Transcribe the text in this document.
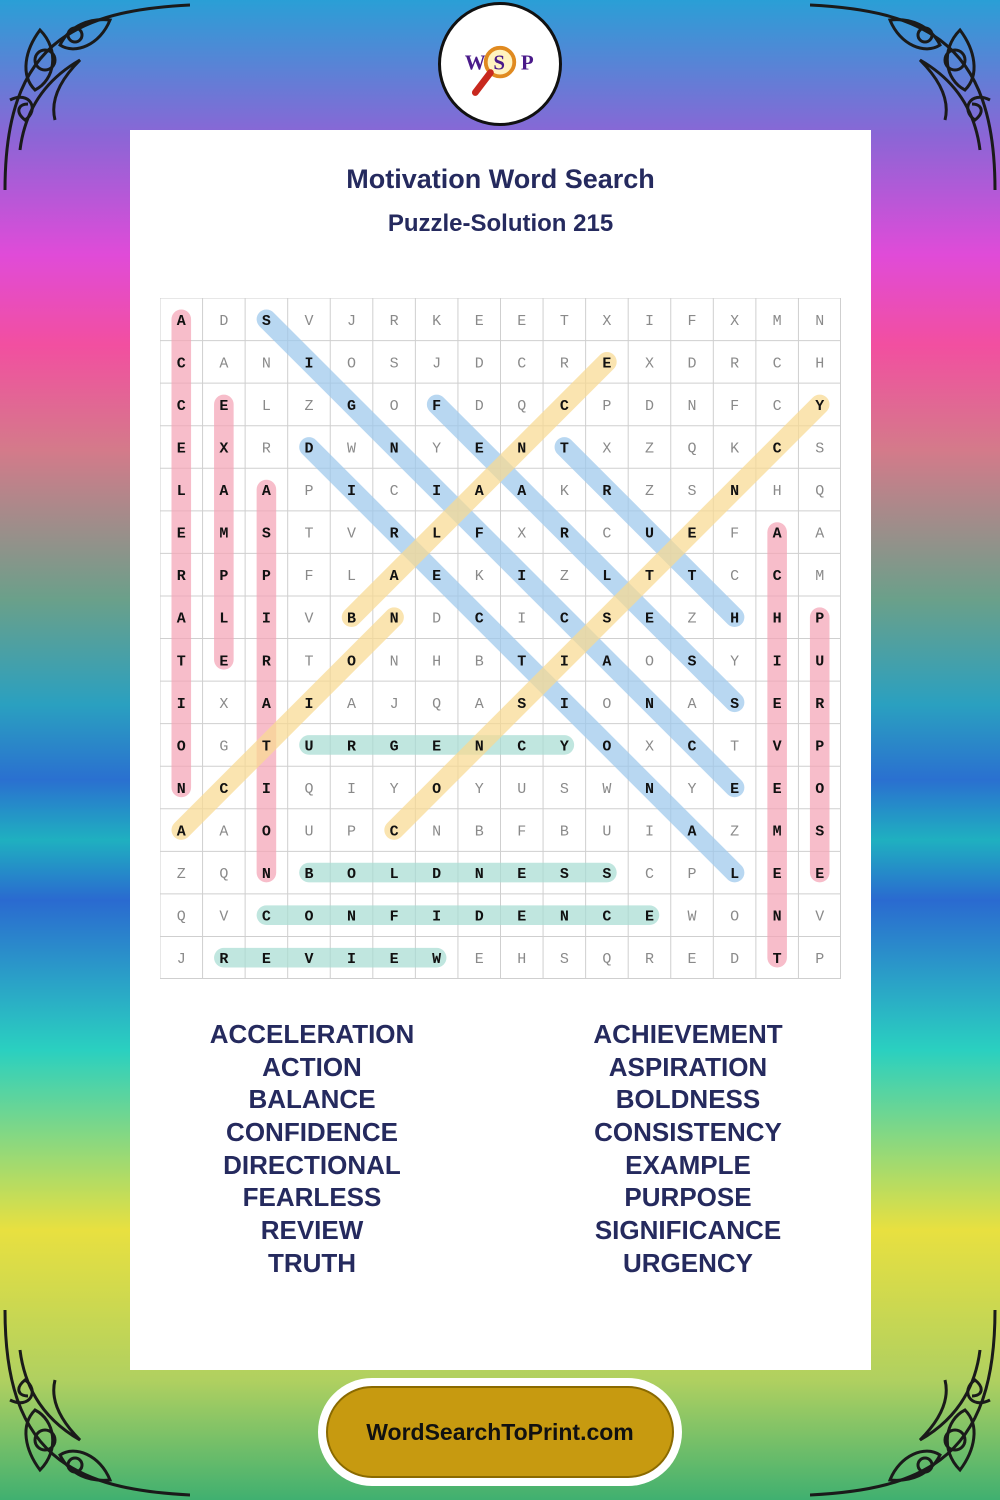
W S P
Motivation Word Search
Puzzle-Solution 215
A D S V J R K E E T X I F X M N
C A N I O S J D C R E X D R C H
C E L Z G O F D Q C P D N F C Y
E X R D W N Y E N T X Z Q K C S
L A A P I C I A A K R Z S N H Q
E M S T V R L F X R C U E F A A
R P P F L A E K I Z L T T C C M
A L I V B N D C I C S E Z H H P
T E R T O N H B T I A O S Y I U
I X A I A J Q A S I O N A S E R
O G T U R G E N C Y O X C T V P
N C I Q I Y O Y U S W N Y E E O
A A O U P C N B F B U I A Z M S
Z Q N B O L D N E S S C P L E E
Q V C O N F I D E N C E W O N V
J R E V I E W E H S Q R E D T P
ACCELERATION
ACTION
BALANCE
CONFIDENCE
DIRECTIONAL
FEARLESS
REVIEW
TRUTH
ACHIEVEMENT
ASPIRATION
BOLDNESS
CONSISTENCY
EXAMPLE
PURPOSE
SIGNIFICANCE
URGENCY
WordSearchToPrint.com
